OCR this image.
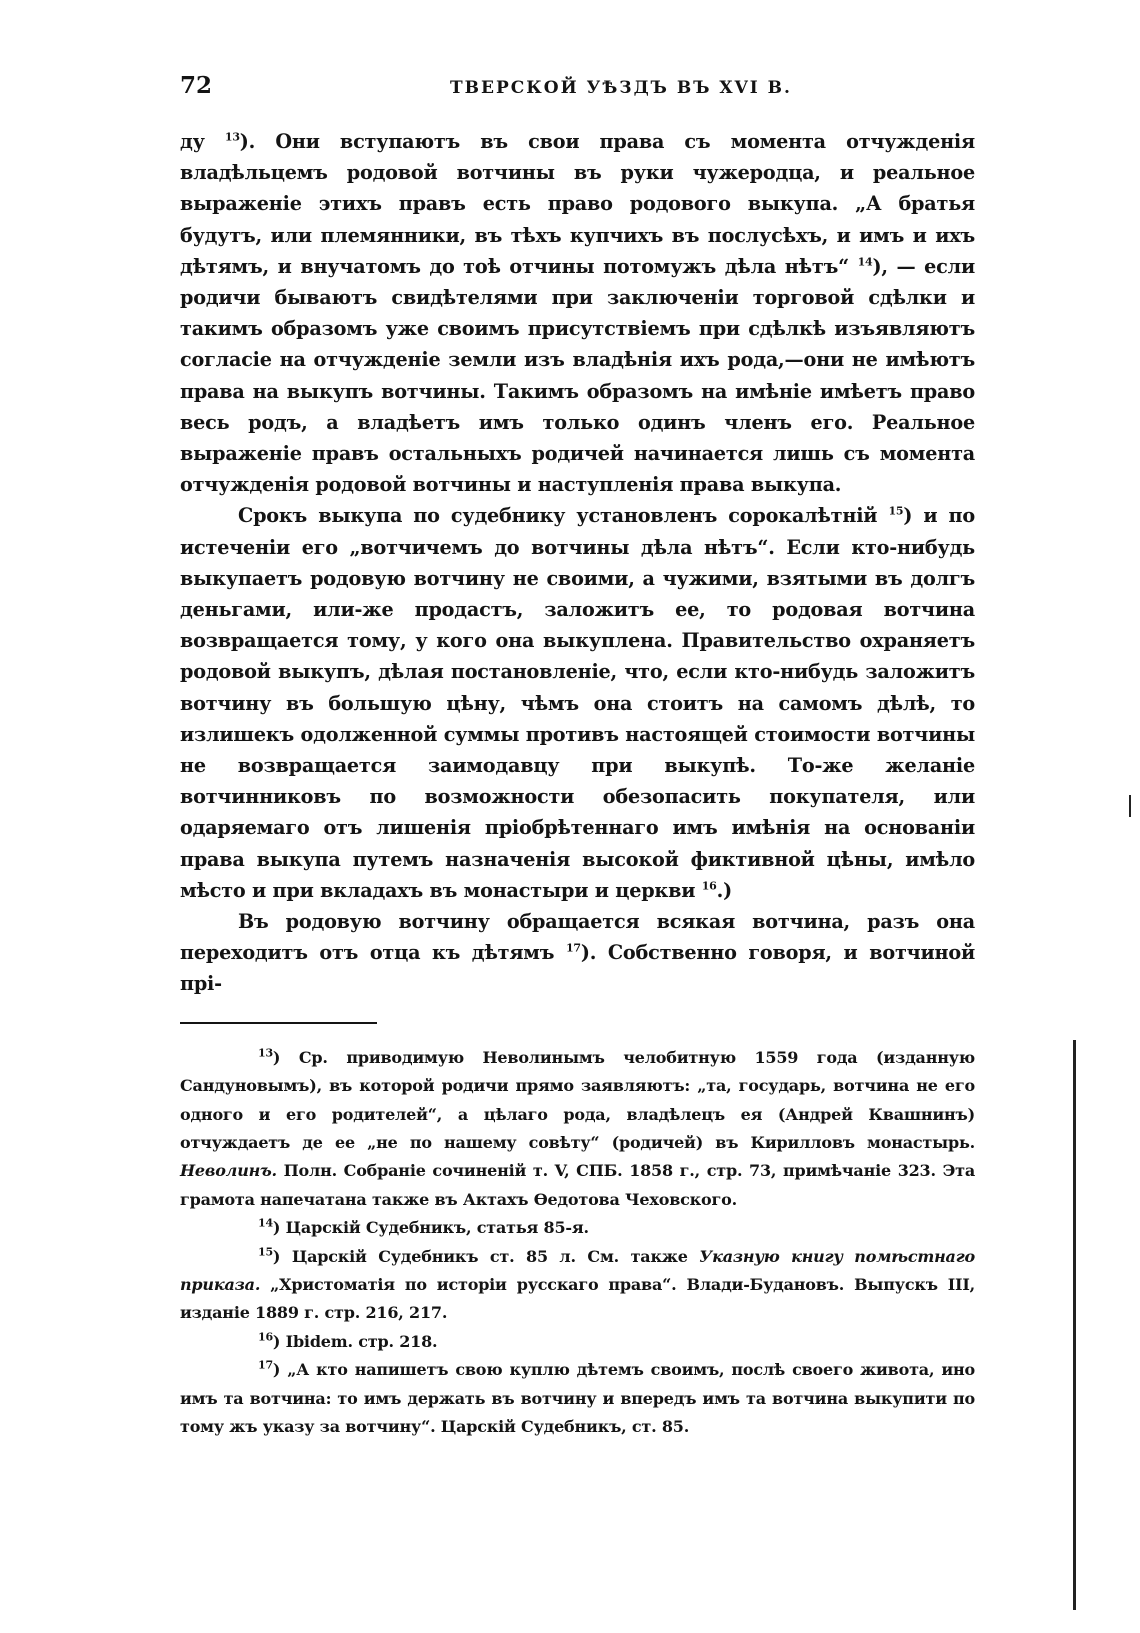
72	ТВЕРСКОЙ УѢЗДЪ ВЪ XVI В.

ду $^{13}$). Они вступаютъ въ свои права съ момента отчужденія владѣльцемъ родовой вотчины въ руки чужеродца, и реальное выраженіе этихъ правъ есть право родового выкупа. „А братья будутъ, или племянники, въ тѣхъ купчихъ въ послусѣхъ, и имъ и ихъ дѣтямъ, и внучатомъ до тоѣ отчины потомужъ дѣла нѣтъ“ $^{14}$), — если родичи бываютъ свидѣтелями при заключеніи торговой сдѣлки и такимъ образомъ уже своимъ присутствіемъ при сдѣлкѣ изъявляютъ согласіе на отчужденіе земли изъ владѣнія ихъ рода,—они не имѣютъ права на выкупъ вотчины. Такимъ образомъ на имѣніе имѣетъ право весь родъ, а владѣетъ имъ только одинъ членъ его. Реальное выраженіе правъ остальныхъ родичей начинается лишь съ момента отчужденія родовой вотчины и наступленія права выкупа.

Срокъ выкупа по судебнику установленъ сорокалѣтній $^{15}$) и по истеченіи его „вотчичемъ до вотчины дѣла нѣтъ“. Если кто-нибудь выкупаетъ родовую вотчину не своими, а чужими, взятыми въ долгъ деньгами, или-же продастъ, заложитъ ее, то родовая вотчина возвращается тому, у кого она выкуплена. Правительство охраняетъ родовой выкупъ, дѣлая постановленіе, что, если кто-нибудь заложитъ вотчину въ большую цѣну, чѣмъ она стоитъ на самомъ дѣлѣ, то излишекъ одолженной суммы противъ настоящей стоимости вотчины не возвращается заимодавцу при выкупѣ. То-же желаніе вотчинниковъ по возможности обезопасить покупателя, или одаряемаго отъ лишенія пріобрѣтеннаго имъ имѣнія на основаніи права выкупа путемъ назначенія высокой фиктивной цѣны, имѣло мѣсто и при вкладахъ въ монастыри и церкви $^{16}$.)

Въ родовую вотчину обращается всякая вотчина, разъ она переходитъ отъ отца къ дѣтямъ $^{17}$). Собственно говоря, и вотчиной прі-

$^{13}$) Ср. приводимую Неволинымъ челобитную 1559 года (изданную Сандуновымъ), въ которой родичи прямо заявляютъ: „та, государь, вотчина не его одного и его родителей“, а цѣлаго рода, владѣлецъ ея (Андрей Квашнинъ) отчуждаетъ де ее „не по нашему совѣту“ (родичей) въ Кирилловъ монастырь. Неволинъ. Полн. Собраніе сочиненій т. V, СПБ. 1858 г., стр. 73, примѣчаніе 323. Эта грамота напечатана также въ Актахъ Ѳедотова Чеховского.

$^{14}$) Царскій Судебникъ, статья 85-я.

$^{15}$) Царскій Судебникъ ст. 85 л. См. также Указную книгу помѣстнаго приказа. „Христоматія по исторіи русскаго права“. Влади-Будановъ. Выпускъ III, изданіе 1889 г. стр. 216, 217.

$^{16}$) Ibidem. стр. 218.

$^{17}$) „А кто напишетъ свою куплю дѣтемъ своимъ, послѣ своего живота, ино имъ та вотчина: то имъ держать въ вотчину и впередъ имъ та вотчина выкупити по тому жъ указу за вотчину“. Царскій Судебникъ, ст. 85.
